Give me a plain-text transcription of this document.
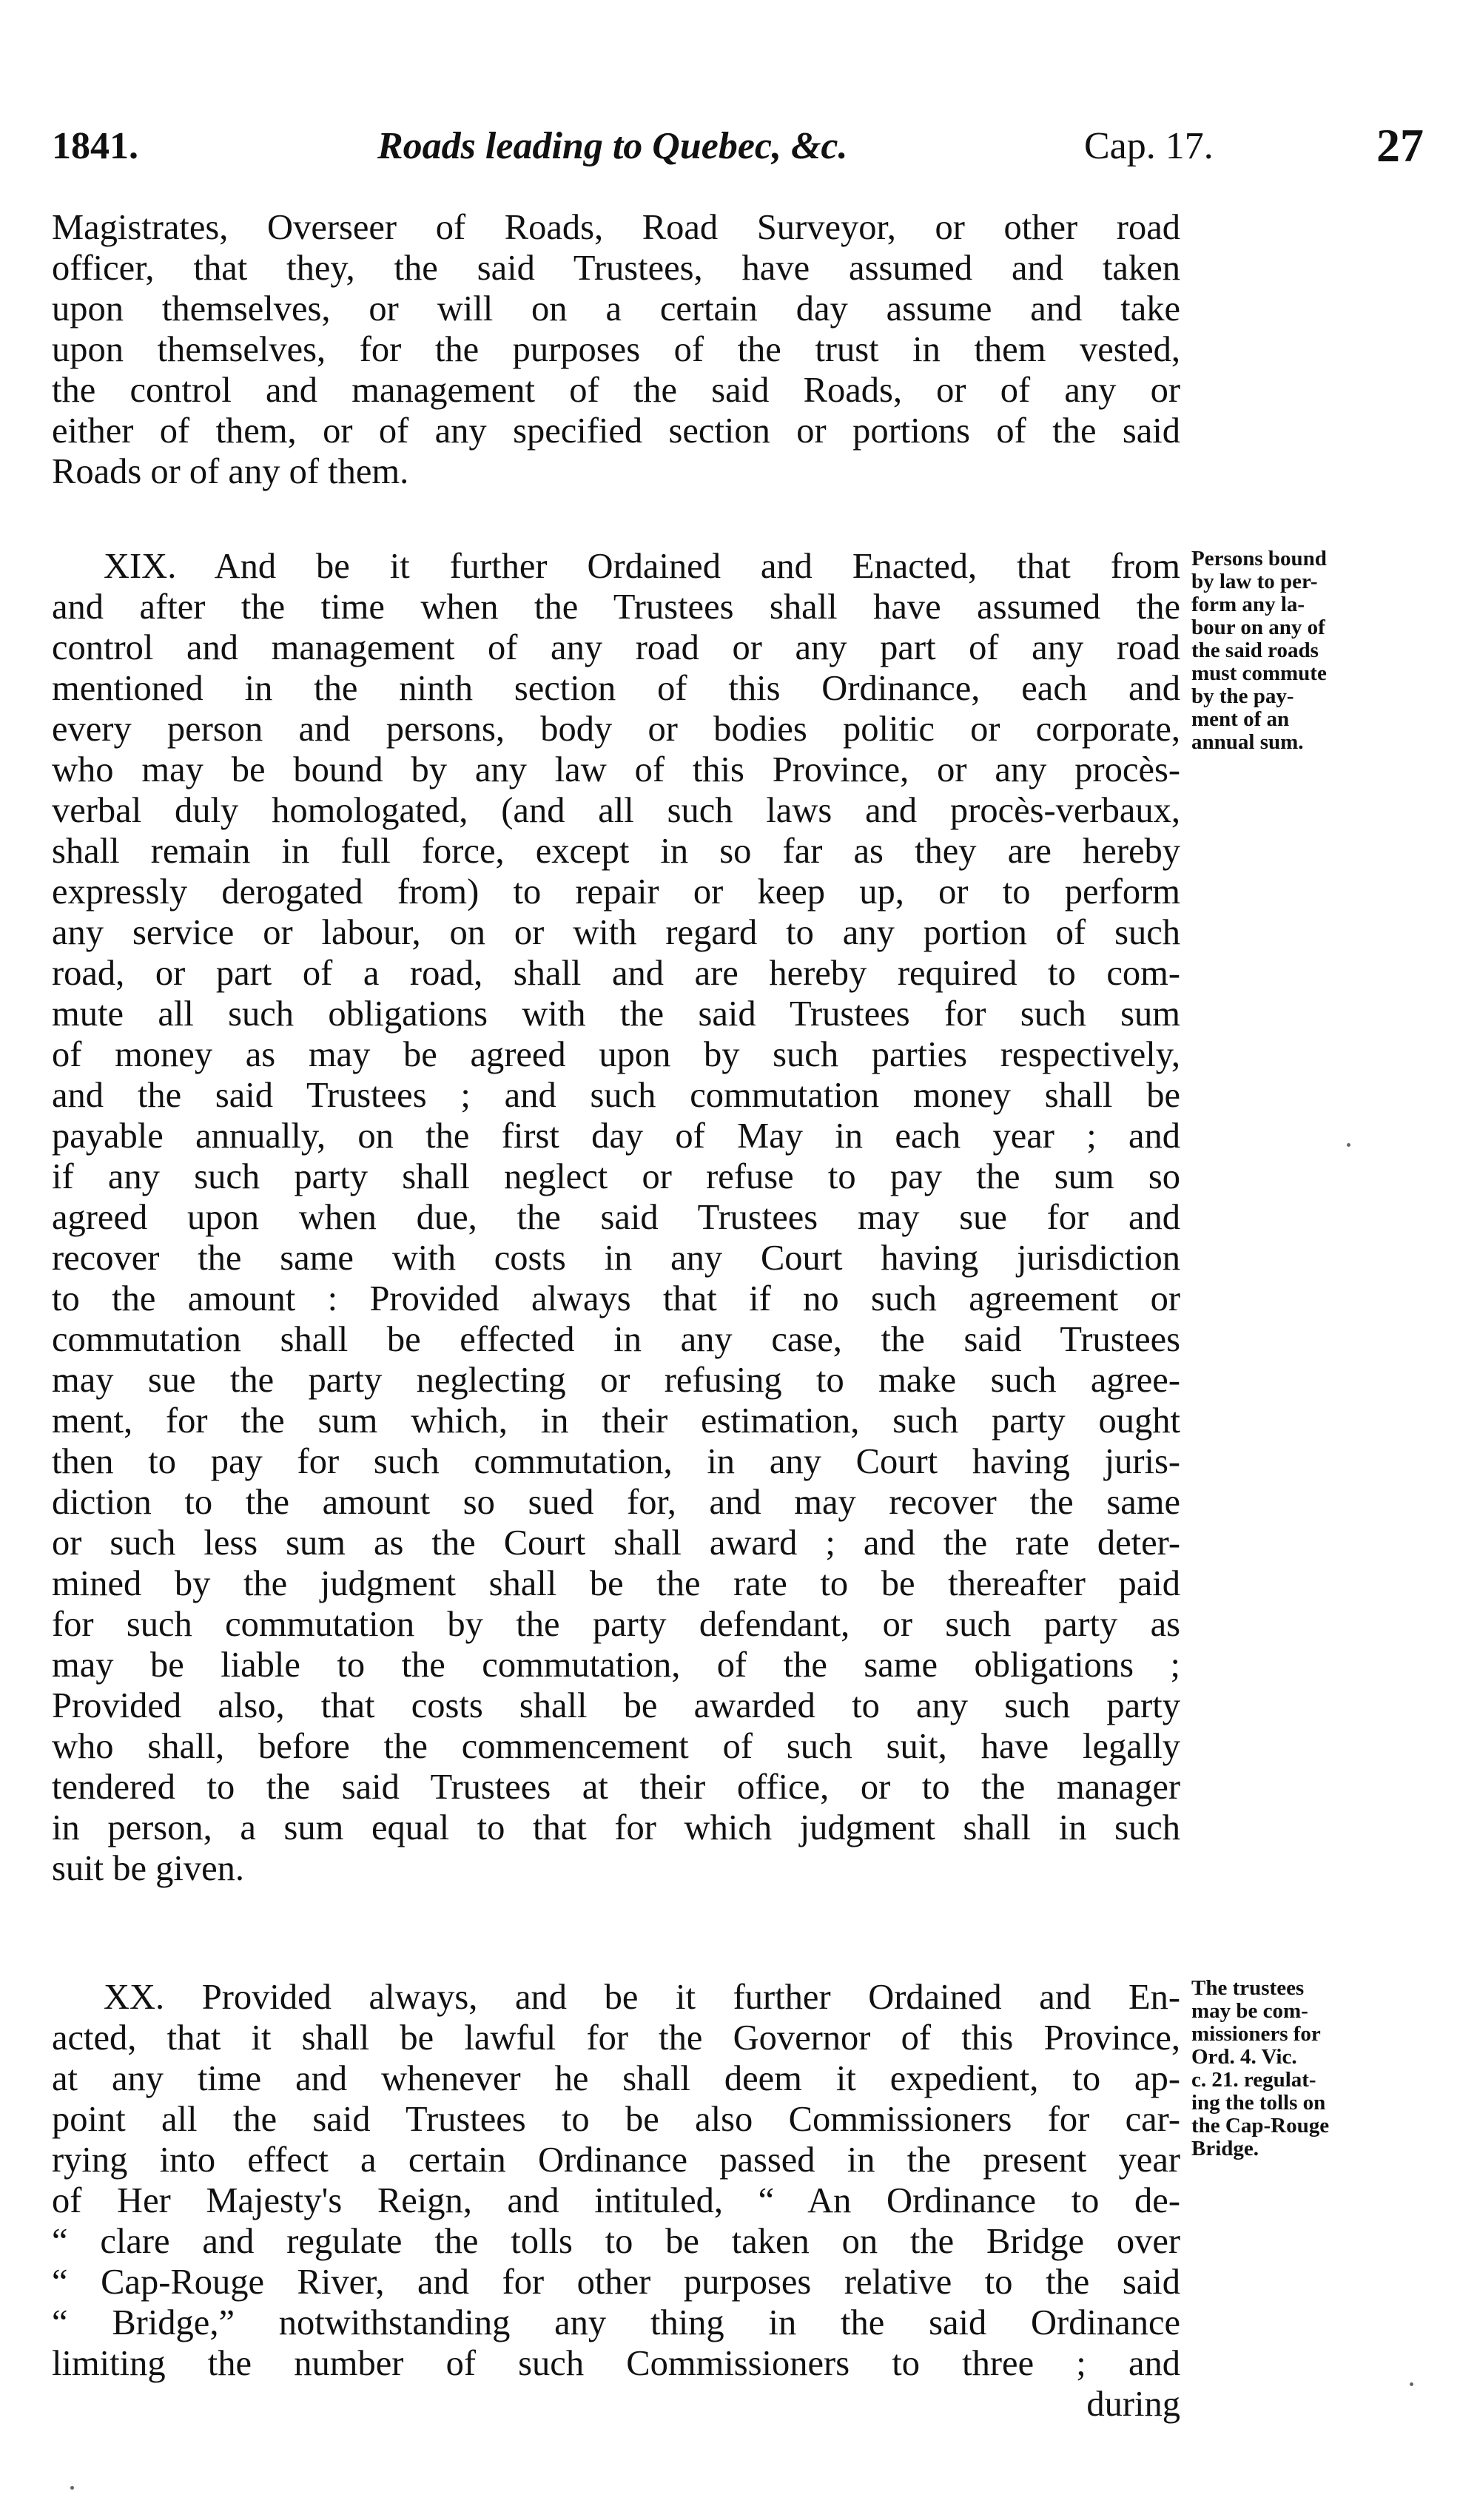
1841.	Roads leading to Quebec, &c.	Cap. 17.	27
Magistrates, Overseer of Roads, Road Surveyor, or other road
officer, that they, the said Trustees, have assumed and taken
upon themselves, or will on a certain day assume and take
upon themselves, for the purposes of the trust in them vested,
the control and management of the said Roads, or of any or
either of them, or of any specified section or portions of the said
Roads or of any of them.
XIX. And be it further Ordained and Enacted, that from
and after the time when the Trustees shall have assumed the
control and management of any road or any part of any road
mentioned in the ninth section of this Ordinance, each and
every person and persons, body or bodies politic or corporate,
who may be bound by any law of this Province, or any procès-
verbal duly homologated, (and all such laws and procès-verbaux,
shall remain in full force, except in so far as they are hereby
expressly derogated from) to repair or keep up, or to perform
any service or labour, on or with regard to any portion of such
road, or part of a road, shall and are hereby required to com-
mute all such obligations with the said Trustees for such sum
of money as may be agreed upon by such parties respectively,
and the said Trustees ; and such commutation money shall be
payable annually, on the first day of May in each year ; and
if any such party shall neglect or refuse to pay the sum so
agreed upon when due, the said Trustees may sue for and
recover the same with costs in any Court having jurisdiction
to the amount : Provided always that if no such agreement or
commutation shall be effected in any case, the said Trustees
may sue the party neglecting or refusing to make such agree-
ment, for the sum which, in their estimation, such party ought
then to pay for such commutation, in any Court having juris-
diction to the amount so sued for, and may recover the same
or such less sum as the Court shall award ; and the rate deter-
mined by the judgment shall be the rate to be thereafter paid
for such commutation by the party defendant, or such party as
may be liable to the commutation, of the same obligations ;
Provided also, that costs shall be awarded to any such party
who shall, before the commencement of such suit, have legally
tendered to the said Trustees at their office, or to the manager
in person, a sum equal to that for which judgment shall in such
suit be given.
Persons bound
by law to per-
form any la-
bour on any of
the said roads
must commute
by the pay-
ment of an
annual sum.
XX. Provided always, and be it further Ordained and En-
acted, that it shall be lawful for the Governor of this Province,
at any time and whenever he shall deem it expedient, to ap-
point all the said Trustees to be also Commissioners for car-
rying into effect a certain Ordinance passed in the present year
of Her Majesty's Reign, and intituled, “ An Ordinance to de-
“ clare and regulate the tolls to be taken on the Bridge over
“ Cap-Rouge River, and for other purposes relative to the said
“ Bridge,” notwithstanding any thing in the said Ordinance
limiting the number of such Commissioners to three ; and
during
The trustees
may be com-
missioners for
Ord. 4. Vic.
c. 21. regulat-
ing the tolls on
the Cap-Rouge
Bridge.
